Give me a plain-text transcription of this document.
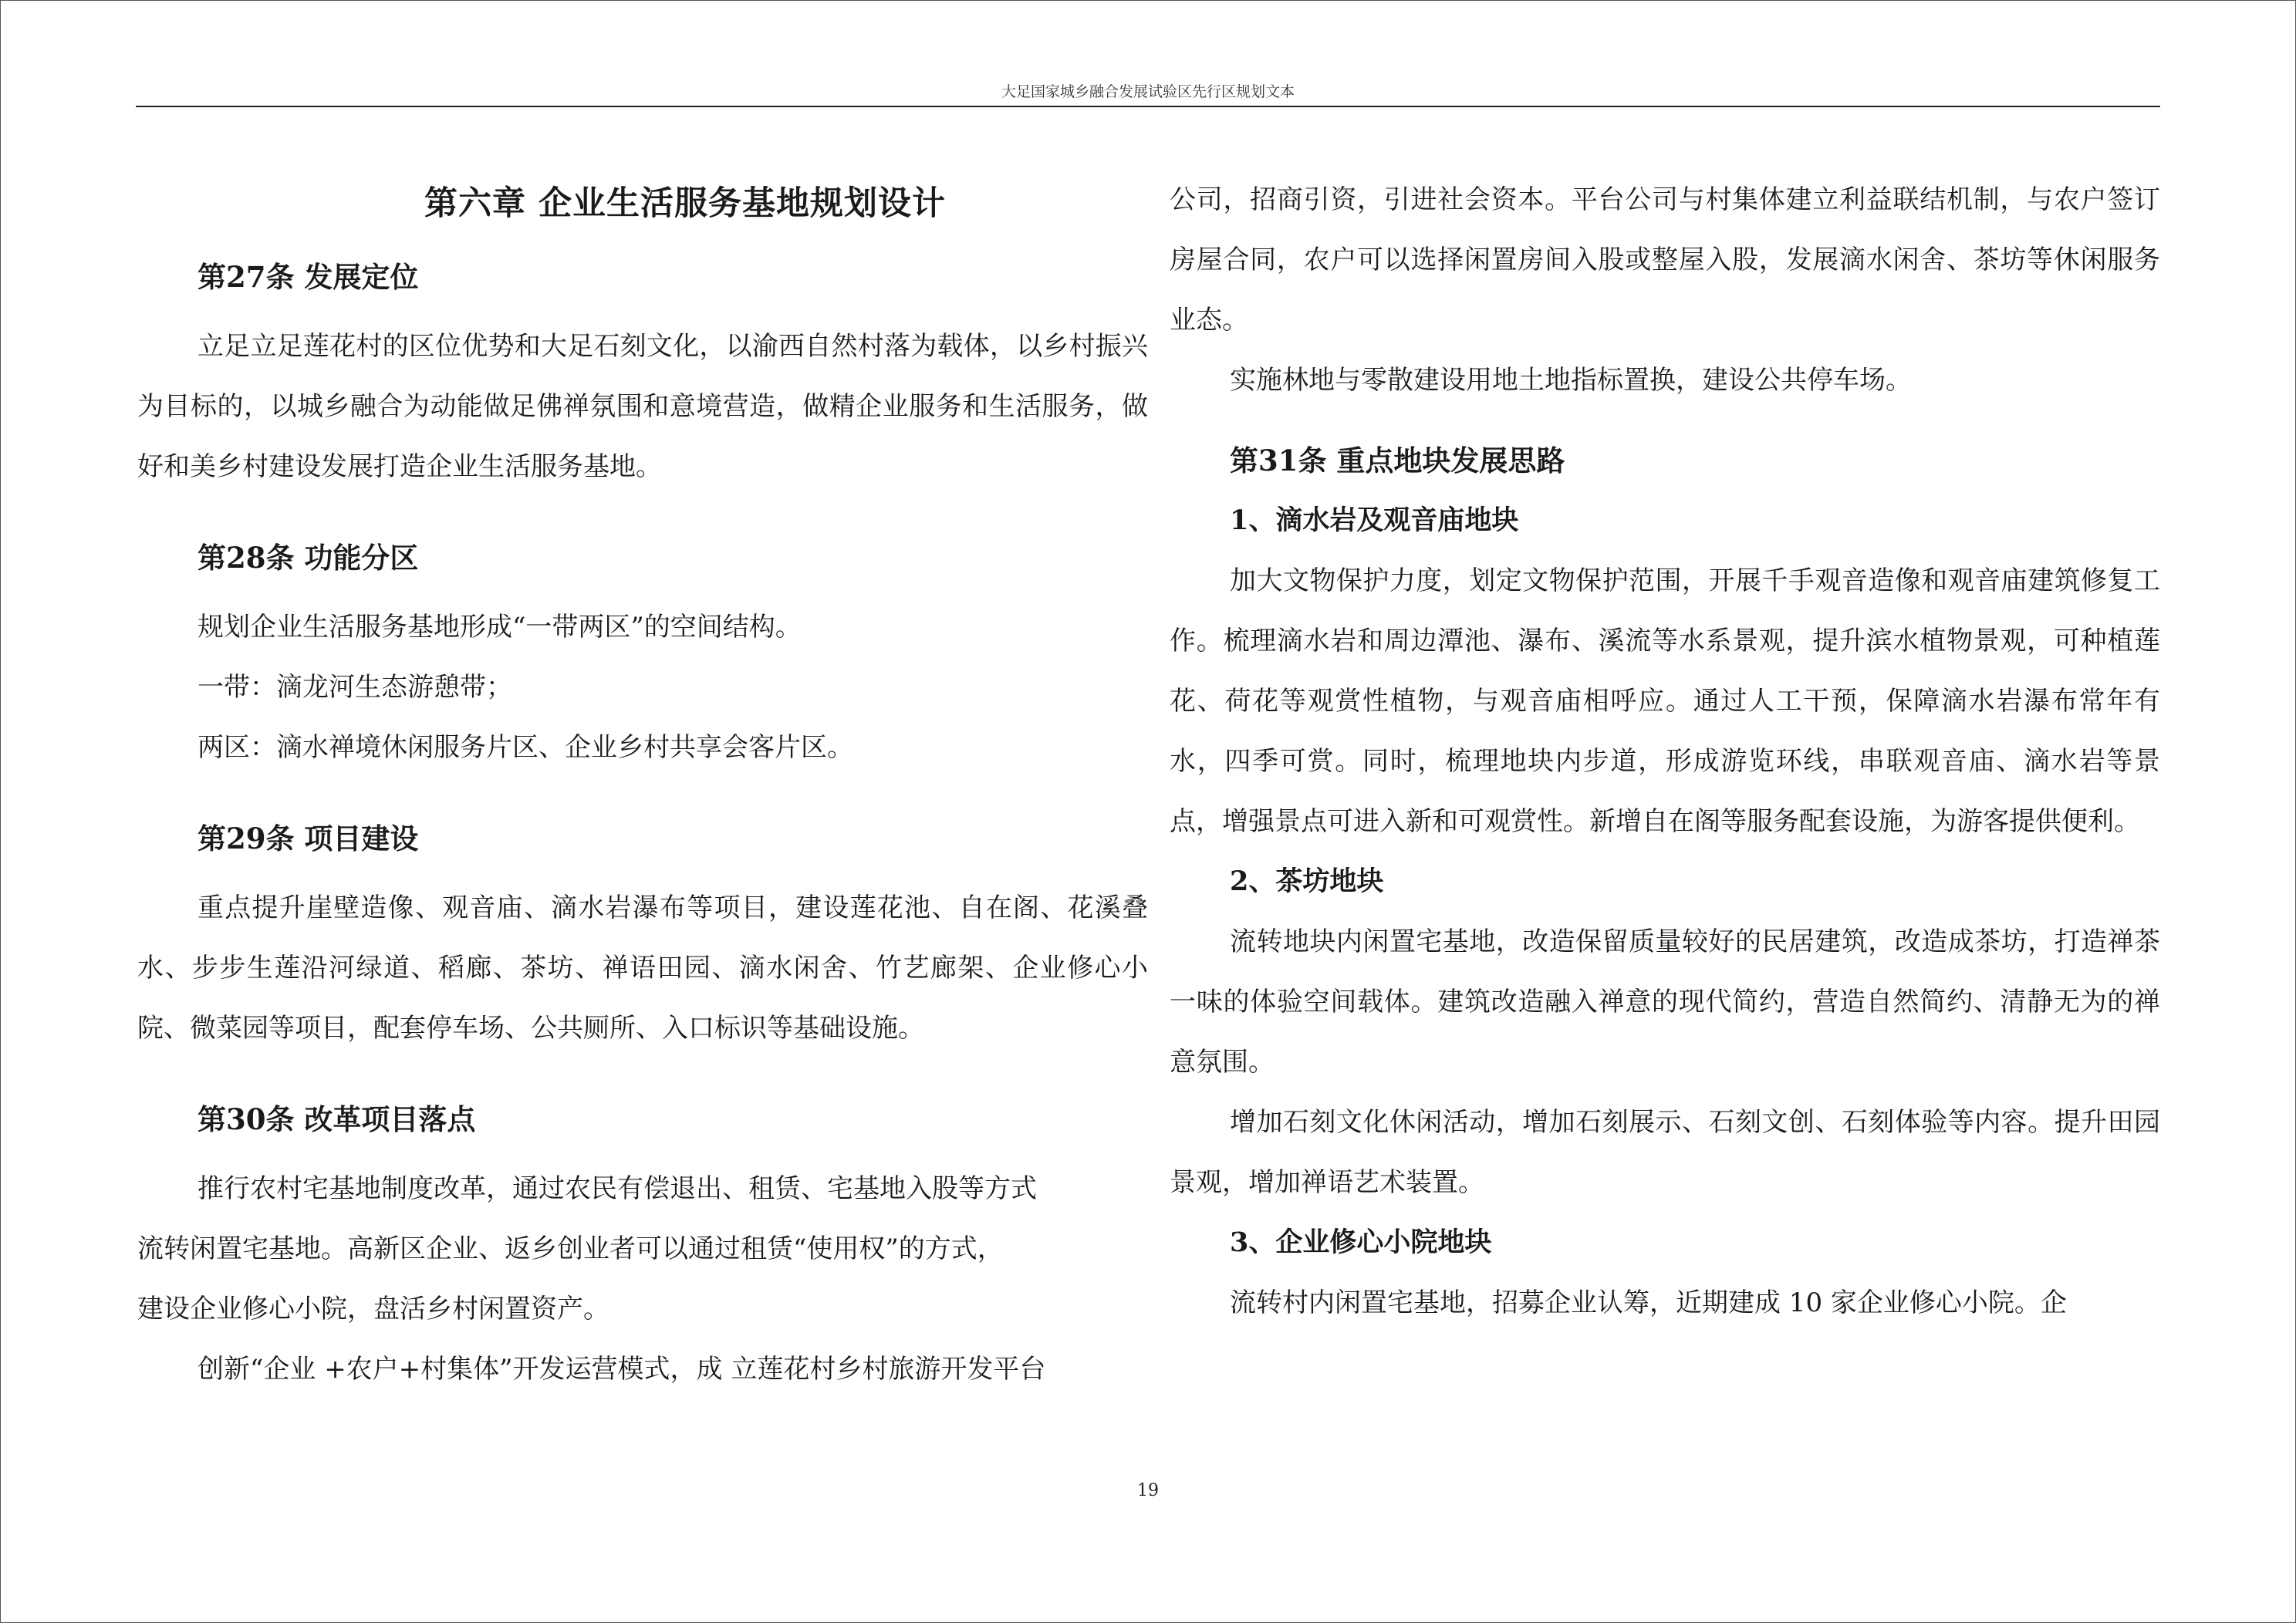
大足国家城乡融合发展试验区先行区规划文本
第六章 企业生活服务基地规划设计
第27条 发展定位

立足立足莲花村的区位优势和大足石刻文化，以渝西自然村落为载体，以乡村振兴为目标的，以城乡融合为动能做足佛禅氛围和意境营造，做精企业服务和生活服务，做好和美乡村建设发展打造企业生活服务基地。

第28条 功能分区
规划企业生活服务基地形成“一带两区”的空间结构。
一带：滴龙河生态游憩带；
两区：滴水禅境休闲服务片区、企业乡村共享会客片区。
第29条 项目建设

重点提升崖壁造像、观音庙、滴水岩瀑布等项目，建设莲花池、自在阁、花溪叠水、步步生莲沿河绿道、稻廊、茶坊、禅语田园、滴水闲舍、竹艺廊架、企业修心小院、微菜园等项目，配套停车场、公共厕所、入口标识等基础设施。

第30条 改革项目落点
推行农村宅基地制度改革，通过农民有偿退出、租赁、宅基地入股等方式
流转闲置宅基地。高新区企业、返乡创业者可以通过租赁“使用权”的方式，
建设企业修心小院，盘活乡村闲置资产。
创新“企业 +农户+村集体”开发运营模式，成 立莲花村乡村旅游开发平台

公司，招商引资，引进社会资本。平台公司与村集体建立利益联结机制，与农户签订房屋合同，农户可以选择闲置房间入股或整屋入股，发展滴水闲舍、茶坊等休闲服务业态。

实施林地与零散建设用地土地指标置换，建设公共停车场。

第31条 重点地块发展思路
1、滴水岩及观音庙地块

加大文物保护力度，划定文物保护范围，开展千手观音造像和观音庙建筑修复工作。梳理滴水岩和周边潭池、瀑布、溪流等水系景观，提升滨水植物景观，可种植莲花、荷花等观赏性植物，与观音庙相呼应。通过人工干预，保障滴水岩瀑布常年有水，四季可赏。同时，梳理地块内步道，形成游览环线，串联观音庙、滴水岩等景点，增强景点可进入新和可观赏性。新增自在阁等服务配套设施，为游客提供便利。

2、茶坊地块

流转地块内闲置宅基地，改造保留质量较好的民居建筑，改造成茶坊，打造禅茶一味的体验空间载体。建筑改造融入禅意的现代简约，营造自然简约、清静无为的禅意氛围。

增加石刻文化休闲活动，增加石刻展示、石刻文创、石刻体验等内容。提升田园景观，增加禅语艺术装置。

3、企业修心小院地块

流转村内闲置宅基地，招募企业认筹，近期建成 10 家企业修心小院。企

19
